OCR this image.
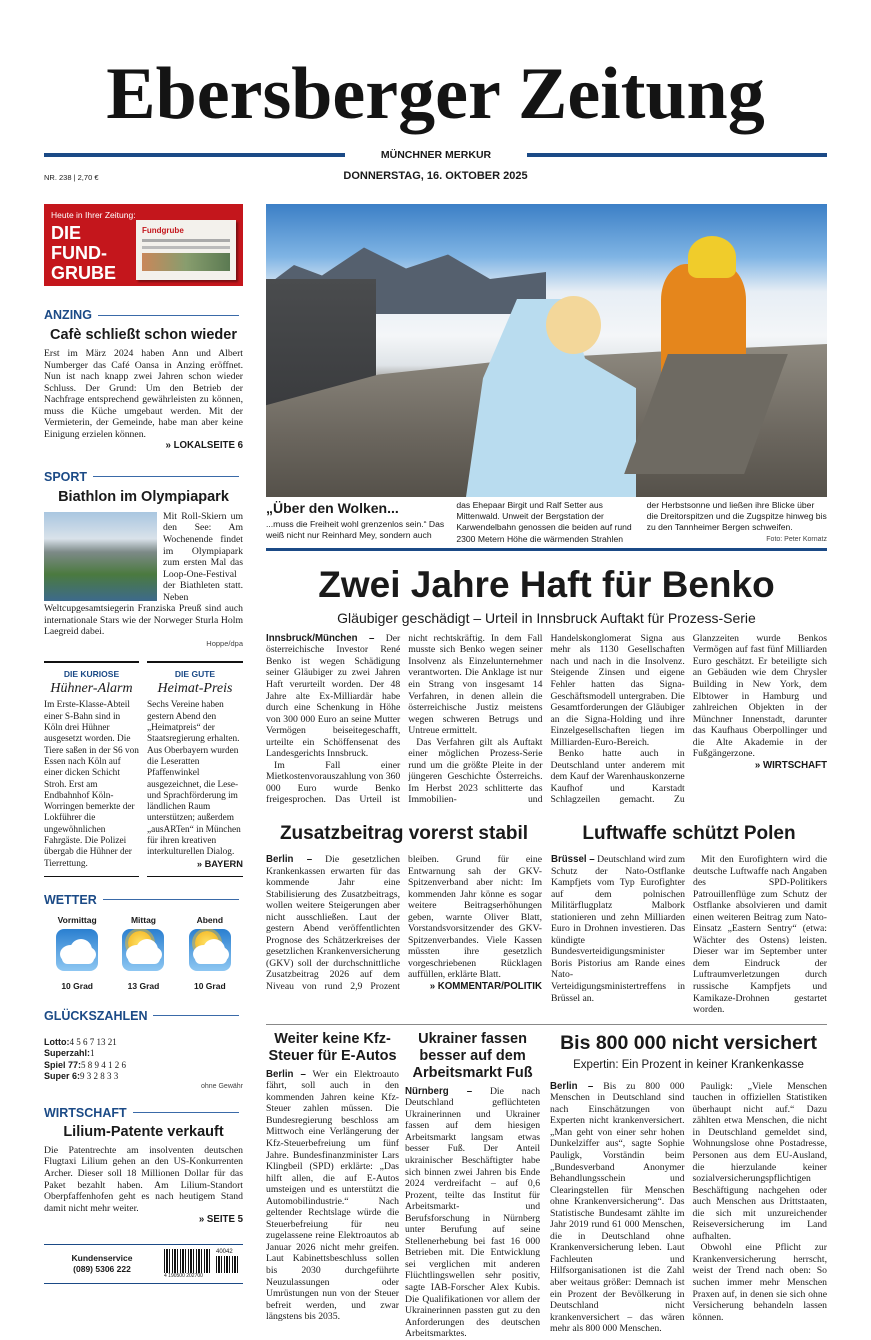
Ebersberger Zeitung
MÜNCHNER MERKUR
DONNERSTAG, 16. OKTOBER 2025
NR. 238 | 2,70 €
Heute in Ihrer Zeitung:
DIE
FUND-
GRUBE
Fundgrube
ANZING
Cafè schließt schon wieder
Erst im März 2024 haben Ann und Albert Numberger das Café Oansa in Anzing eröffnet. Nun ist nach knapp zwei Jahren schon wieder Schluss. Der Grund: Um den Betrieb der Nachfrage entsprechend gewährleisten zu können, muss die Küche umgebaut werden. Mit der Vermieterin, der Gemeinde, habe man aber keine Einigung erzielen können.
» LOKALSEITE 6
SPORT
Biathlon im Olympiapark
Mit Roll-Skiern um den See: Am Wochenende findet im Olympiapark zum ersten Mal das Loop-One-Festival der Biathleten statt. Neben Weltcupgesamtsiegerin Franziska Preuß sind auch internationale Stars wie der Norweger Sturla Holm Laegreid dabei.
Hoppe/dpa
DIE KURIOSE
Hühner-Alarm
Im Erste-Klasse-Abteil einer S-Bahn sind in Köln drei Hühner ausgesetzt worden. Die Tiere saßen in der S6 von Essen nach Köln auf einer dicken Schicht Stroh. Erst am Endbahnhof Köln-Worringen bemerkte der Lokführer die ungewöhnlichen Fahrgäste. Die Polizei übergab die Hühner der Tierrettung.
DIE GUTE
Heimat-Preis
Sechs Vereine haben gestern Abend den „Heimatpreis“ der Staatsregierung erhalten. Aus Oberbayern wurden die Leseratten Pfaffenwinkel ausgezeichnet, die Lese- und Sprachförderung im ländlichen Raum unterstützen; außerdem „ausARTen“ in München für ihren kreativen interkulturellen Dialog.
» BAYERN
WETTER
Vormittag
10 Grad
Mittag
13 Grad
Abend
10 Grad
GLÜCKSZAHLEN
Lotto:4 5 6 7 13 21
Superzahl:1
Spiel 77:5 8 9 4 1 2 6
Super 6:9 3 2 8 3 3
ohne Gewähr
WIRTSCHAFT
Lilium-Patente verkauft
Die Patentrechte am insolventen deutschen Flugtaxi Lilium gehen an den US-Konkurrenten Archer. Dieser soll 18 Millionen Dollar für das Paket bezahlt haben. Am Lilium-Standort Oberpfaffenhofen geht es nach heutigem Stand damit nicht mehr weiter.
» SEITE 5
Kundenservice
(089) 5306 222
40042
4 190500 202700
„Über den Wolken...
...muss die Freiheit wohl grenzenlos sein.“ Das weiß nicht nur Reinhard Mey, sondern auch das Ehepaar Birgit und Ralf Setter aus Mittenwald. Unweit der Bergstation der Karwendelbahn genossen die beiden auf rund 2300 Metern Höhe die wärmenden Strahlen der Herbstsonne und ließen ihre Blicke über die Dreitorspitzen und die Zugspitze hinweg bis zu den Tannheimer Bergen schweifen.
Foto: Peter Kornatz
Zwei Jahre Haft für Benko
Gläubiger geschädigt – Urteil in Innsbruck Auftakt für Prozess-Serie

Innsbruck/München – Der österreichische Investor René Benko ist wegen Schädigung seiner Gläubiger zu zwei Jahren Haft verurteilt worden. Der 48 Jahre alte Ex-Milliardär habe durch eine Schenkung in Höhe von 300 000 Euro an seine Mutter Vermögen beiseitegeschafft, urteilte ein Schöffensenat des Landesgerichts Innsbruck.

Im Fall einer Mietkostenvorauszahlung von 360 000 Euro wurde Benko freigesprochen. Das Urteil ist nicht rechtskräftig. In dem Fall musste sich Benko wegen seiner Insolvenz als Einzelunternehmer verantworten. Die Anklage ist nur ein Strang von insgesamt 14 Verfahren, in denen allein die österreichische Justiz meistens wegen schweren Betrugs und Untreue ermittelt.

Das Verfahren gilt als Auftakt einer möglichen Prozess-Serie rund um die größte Pleite in der jüngeren Geschichte Österreichs. Im Herbst 2023 schlitterte das Immobilien- und Handelskonglomerat Signa aus mehr als 1130 Gesellschaften nach und nach in die Insolvenz. Steigende Zinsen und eigene Fehler hatten das Signa-Geschäftsmodell untergraben. Die Gesamtforderungen der Gläubiger an die Signa-Holding und ihre Einzelgesellschaften liegen im Milliarden-Euro-Bereich.

Benko hatte auch in Deutschland unter anderem mit dem Kauf der Warenhauskonzerne Kaufhof und Karstadt Schlagzeilen gemacht. Zu Glanzzeiten wurde Benkos Vermögen auf fast fünf Milliarden Euro geschätzt. Er beteiligte sich an Gebäuden wie dem Chrysler Building in New York, dem Elbtower in Hamburg und zahlreichen Objekten in der Münchner Innenstadt, darunter das Kaufhaus Oberpollinger und die Alte Akademie in der Fußgängerzone.
» WIRTSCHAFT

Zusatzbeitrag vorerst stabil

Berlin – Die gesetzlichen Krankenkassen erwarten für das kommende Jahr eine Stabilisierung des Zusatzbeitrags, wollen weitere Steigerungen aber nicht ausschließen. Laut der gestern Abend veröffentlichten Prognose des Schätzerkreises der gesetzlichen Krankenversicherung (GKV) soll der durchschnittliche Zusatzbeitrag 2026 auf dem Niveau von rund 2,9 Prozent bleiben. Grund für eine Entwarnung sah der GKV-Spitzenverband aber nicht: Im kommenden Jahr könne es sogar weitere Beitragserhöhungen geben, warnte Oliver Blatt, Vorstandsvorsitzender des GKV-Spitzenverbandes. Viele Kassen müssten ihre gesetzlich vorgeschriebenen Rücklagen auffüllen, erklärte Blatt.
» KOMMENTAR/POLITIK

Luftwaffe schützt Polen

Brüssel – Deutschland wird zum Schutz der Nato-Ostflanke Kampfjets vom Typ Eurofighter auf dem polnischen Militärflugplatz Malbork stationieren und zehn Milliarden Euro in Drohnen investieren. Das kündigte Bundesverteidigungsminister Boris Pistorius am Rande eines Nato-Verteidigungsministertreffens in Brüssel an.

Mit den Eurofightern wird die deutsche Luftwaffe nach Angaben des SPD-Politikers Patrouillenflüge zum Schutz der Ostflanke absolvieren und damit einen weiteren Beitrag zum Nato-Einsatz „Eastern Sentry“ (etwa: Wächter des Ostens) leisten. Dieser war im September unter dem Eindruck der Luftraumverletzungen durch russische Kampfjets und Kamikaze-Drohnen gestartet worden.

Weiter keine Kfz-Steuer für E-Autos
Berlin – Wer ein Elektroauto fährt, soll auch in den kommenden Jahren keine Kfz-Steuer zahlen müssen. Die Bundesregierung beschloss am Mittwoch eine Verlängerung der Kfz-Steuerbefreiung um fünf Jahre. Bundesfinanzminister Lars Klingbeil (SPD) erklärte: „Das hilft allen, die auf E-Autos umsteigen und es unterstützt die Automobilindustrie.“ Nach geltender Rechtslage würde die Steuerbefreiung für neu zugelassene reine Elektroautos ab Januar 2026 nicht mehr greifen. Laut Kabinettsbeschluss sollen bis 2030 durchgeführte Neuzulassungen oder Umrüstungen nun von der Steuer befreit werden, und zwar längstens bis 2035.
Ukrainer fassen besser auf dem Arbeitsmarkt Fuß
Nürnberg – Die nach Deutschland geflüchteten Ukrainerinnen und Ukrainer fassen auf dem hiesigen Arbeitsmarkt langsam etwas besser Fuß. Der Anteil ukrainischer Beschäftigter habe sich binnen zwei Jahren bis Ende 2024 verdreifacht – auf 0,6 Prozent, teilte das Institut für Arbeitsmarkt- und Berufsforschung in Nürnberg unter Berufung auf seine Stellenerhebung bei fast 16 000 Betrieben mit. Die Entwicklung sei verglichen mit anderen Flüchtlingswellen sehr positiv, sagte IAB-Forscher Alex Kubis. Die Qualifikationen vor allem der Ukrainerinnen passten gut zu den Anforderungen des deutschen Arbeitsmarktes.
Bis 800 000 nicht versichert
Expertin: Ein Prozent in keiner Krankenkasse

Berlin – Bis zu 800 000 Menschen in Deutschland sind nach Einschätzungen von Experten nicht krankenversichert. „Man geht von einer sehr hohen Dunkelziffer aus“, sagte Sophie Pauligk, Vorständin beim „Bundesverband Anonymer Behandlungsschein und Clearingstellen für Menschen ohne Krankenversicherung“. Das Statistische Bundesamt zählte im Jahr 2019 rund 61 000 Menschen, die in Deutschland ohne Krankenversicherung leben. Laut Fachleuten und Hilfsorganisationen ist die Zahl aber weitaus größer: Demnach ist ein Prozent der Bevölkerung in Deutschland nicht krankenversichert – das wären mehr als 800 000 Menschen.

Pauligk: „Viele Menschen tauchen in offiziellen Statistiken überhaupt nicht auf.“ Dazu zählten etwa Menschen, die nicht in Deutschland gemeldet sind, Wohnungslose ohne Postadresse, Personen aus dem EU-Ausland, die hierzulande keiner sozialversicherungspflichtigen Beschäftigung nachgehen oder auch Menschen aus Drittstaaten, die sich mit unzureichender Reiseversicherung im Land aufhalten.

Obwohl eine Pflicht zur Krankenversicherung herrscht, weist der Trend nach oben: So suchen immer mehr Menschen Praxen auf, in denen sie sich ohne Versicherung behandeln lassen können.
